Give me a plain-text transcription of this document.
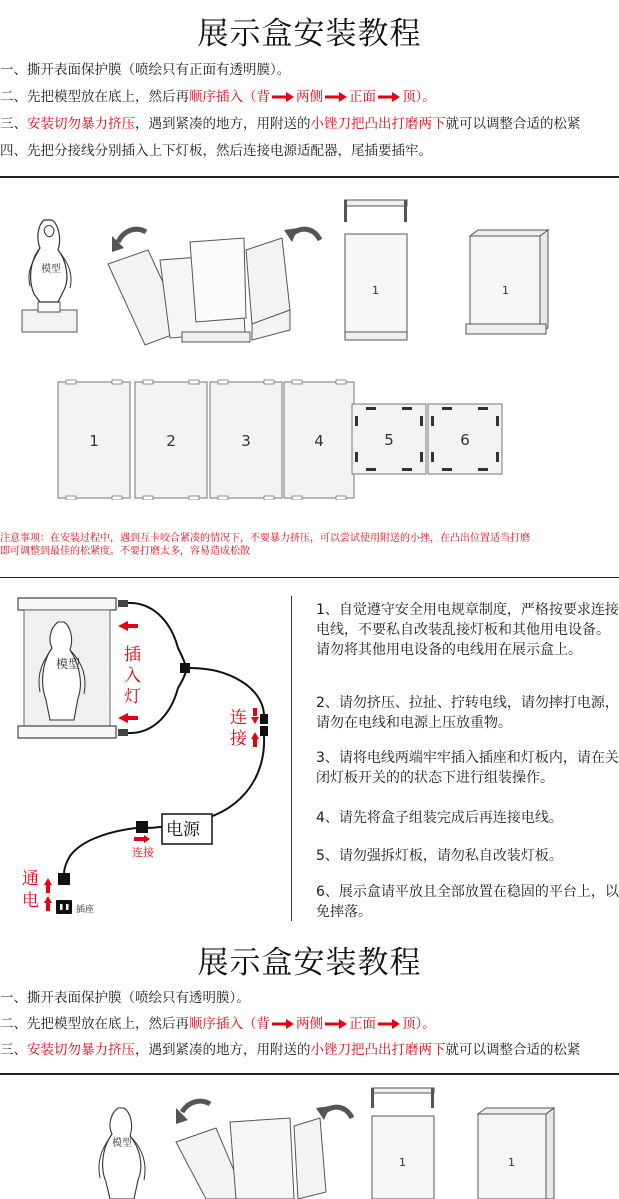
展示盒安装教程
一、撕开表面保护膜（喷绘只有正面有透明膜）。
二、先把模型放在底上，然后再顺序插入（背 两侧 正面 顶）。
三、安装切勿暴力挤压，遇到紧凑的地方，用附送的小锉刀把凸出打磨两下就可以调整合适的松紧
四、先把分接线分别插入上下灯板，然后连接电源适配器，尾插要插牢。
模型
1	1
1	2	3	4	5	6
注意事项：在安装过程中，遇到互卡咬合紧凑的情况下，不要暴力挤压，可以尝试使用附送的小挫，在凸出位置适当打磨
即可调整到最佳的松紧度。不要打磨太多，容易造成松散
模型
插座
插 入 灯
连 接
电源
连接
通 电
1、自觉遵守安全用电规章制度，严格按要求连接电线，不要私自改装乱接灯板和其他用电设备。请勿将其他用电设备的电线用在展示盒上。
2、请勿挤压、拉扯、拧转电线，请勿摔打电源，请勿在电线和电源上压放重物。
3、请将电线两端牢牢插入插座和灯板内，请在关闭灯板开关的的状态下进行组装操作。
4、请先将盒子组装完成后再连接电线。
5、请勿强拆灯板，请勿私自改装灯板。
6、展示盒请平放且全部放置在稳固的平台上，以免摔落。
展示盒安装教程
一、撕开表面保护膜（喷绘只有透明膜）。
二、先把模型放在底上，然后再顺序插入（背 两侧 正面 顶）。
三、安装切勿暴力挤压，遇到紧凑的地方，用附送的小锉刀把凸出打磨两下就可以调整合适的松紧
模型
1	1
